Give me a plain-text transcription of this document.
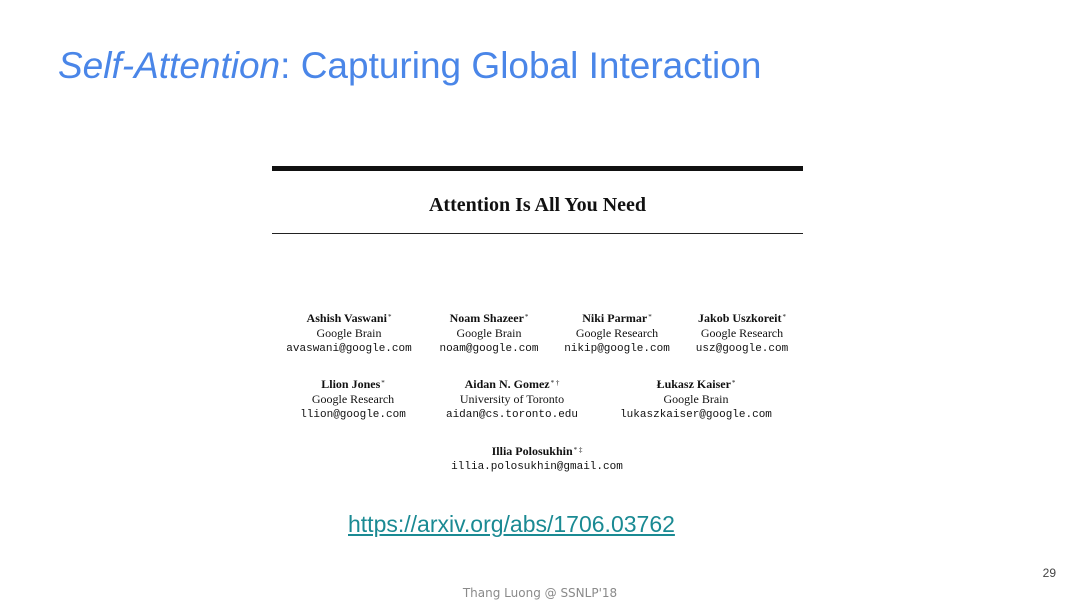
Self-Attention: Capturing Global Interaction
Attention Is All You Need
Ashish Vaswani*
Google Brain
avaswani@google.com
Noam Shazeer*
Google Brain
noam@google.com
Niki Parmar*
Google Research
nikip@google.com
Jakob Uszkoreit*
Google Research
usz@google.com
Llion Jones*
Google Research
llion@google.com
Aidan N. Gomez* †
University of Toronto
aidan@cs.toronto.edu
Łukasz Kaiser*
Google Brain
lukaszkaiser@google.com
Illia Polosukhin* ‡
illia.polosukhin@gmail.com
https://arxiv.org/abs/1706.03762
29
Thang Luong @ SSNLP'18
